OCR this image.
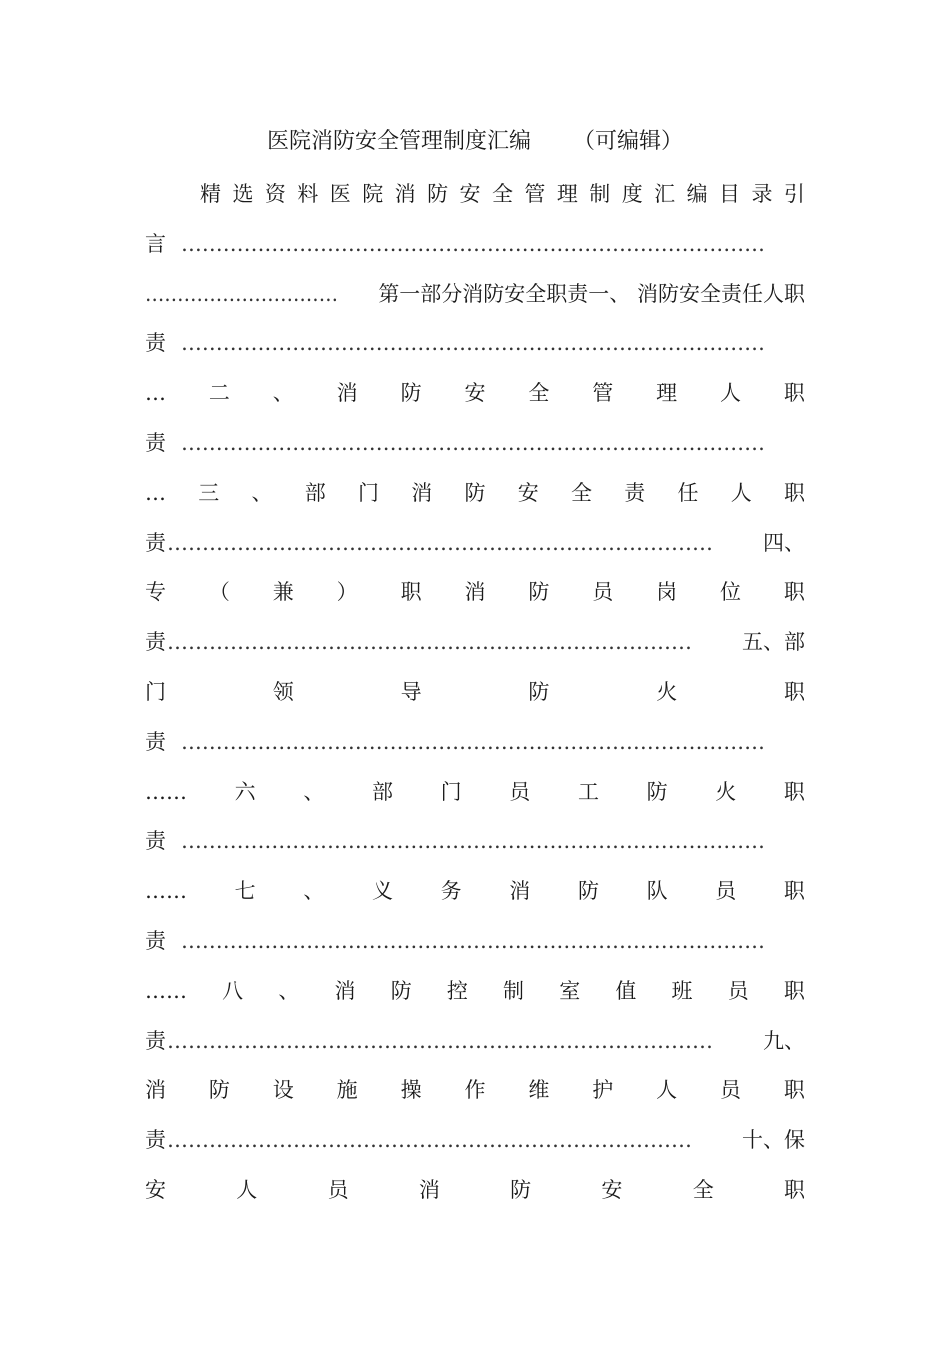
医院消防安全管理制度汇编      （可编辑）
精 选 资 料 医 院 消 防 安 全 管 理 制 度 汇 编 目 录 引
言 …………………………………………………………………………
………………………… 第一部分消防安全职责一、 消防安全责任人职
责 …………………………………………………………………………
… 二 、 消 防 安 全 管 理 人 职
责 …………………………………………………………………………
… 三 、 部 门 消 防 安 全 责 任 人 职
责 …………………………………………………………………… 四、
专 （ 兼 ） 职 消 防 员 岗 位 职
责 ………………………………………………………………… 五、部
门	领	导	防	火	职
责 …………………………………………………………………………
…… 六 、 部 门 员 工 防 火 职
责 …………………………………………………………………………
…… 七 、 义 务 消 防 队 员 职
责 …………………………………………………………………………
…… 八 、 消 防 控 制 室 值 班 员 职
责 …………………………………………………………………… 九、
消 防 设 施 操 作 维 护 人 员 职
责 ………………………………………………………………… 十、保
安	人	员	消	防	安	全	职
